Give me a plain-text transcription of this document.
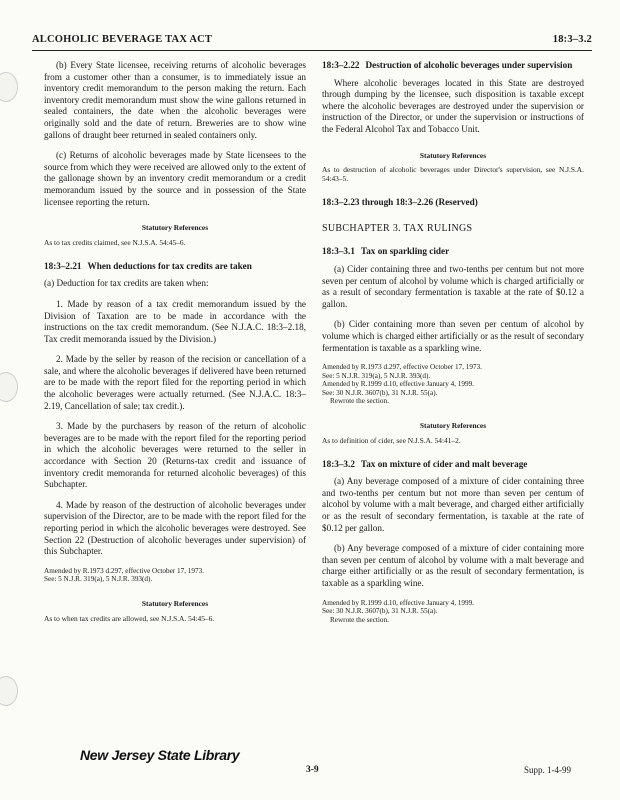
ALCOHOLIC BEVERAGE TAX ACT	18:3–3.2

(b) Every State licensee, receiving returns of alcoholic beverages from a customer other than a consumer, is to immediately issue an inventory credit memorandum to the person making the return. Each inventory credit memorandum must show the wine gallons returned in sealed containers, the date when the alcoholic beverages were originally sold and the date of return. Breweries are to show wine gallons of draught beer returned in sealed containers only.

(c) Returns of alcoholic beverages made by State licensees to the source from which they were received are allowed only to the extent of the gallonage shown by an inventory credit memorandum or a credit memorandum issued by the source and in possession of the State licensee reporting the return.

Statutory References

As to tax credits claimed, see N.J.S.A. 54:45–6.

18:3–2.21 When deductions for tax credits are taken

(a) Deduction for tax credits are taken when:

1. Made by reason of a tax credit memorandum issued by the Division of Taxation are to be made in accordance with the instructions on the tax credit memorandum. (See N.J.A.C. 18:3–2.18, Tax credit memoranda issued by the Division.)

2. Made by the seller by reason of the recision or cancellation of a sale, and where the alcoholic beverages if delivered have been returned are to be made with the report filed for the reporting period in which the alcoholic beverages were actually returned. (See N.J.A.C. 18:3–2.19, Cancellation of sale; tax credit.).

3. Made by the purchasers by reason of the return of alcoholic beverages are to be made with the report filed for the reporting period in which the alcoholic beverages were returned to the seller in accordance with Section 20 (Returns-tax credit and issuance of inventory credit memoranda for returned alcoholic beverages) of this Subchapter.

4. Made by reason of the destruction of alcoholic beverages under supervision of the Director, are to be made with the report filed for the reporting period in which the alcoholic beverages were destroyed. See Section 22 (Destruction of alcoholic beverages under supervision) of this Subchapter.

Amended by R.1973 d.297, effective October 17, 1973.
See: 5 N.J.R. 319(a), 5 N.J.R. 393(d).
Statutory References

As to when tax credits are allowed, see N.J.S.A. 54:45–6.

18:3–2.22 Destruction of alcoholic beverages under supervision

Where alcoholic beverages located in this State are destroyed through dumping by the licensee, such disposition is taxable except where the alcoholic beverages are destroyed under the supervision or instruction of the Director, or under the supervision or instructions of the Federal Alcohol Tax and Tobacco Unit.

Statutory References

As to destruction of alcoholic beverages under Director's supervision, see N.J.S.A. 54:43–5.

18:3–2.23 through 18:3–2.26 (Reserved)
SUBCHAPTER 3. TAX RULINGS
18:3–3.1 Tax on sparkling cider

(a) Cider containing three and two-tenths per centum but not more seven per centum of alcohol by volume which is charged artificially or as a result of secondary fermentation is taxable at the rate of $0.12 a gallon.

(b) Cider containing more than seven per centum of alcohol by volume which is charged either artificially or as the result of secondary fermentation is taxable as a sparkling wine.

Amended by R.1973 d.297, effective October 17, 1973.
See: 5 N.J.R. 319(a), 5 N.J.R. 393(d).
Amended by R.1999 d.10, effective January 4, 1999.
See: 30 N.J.R. 3607(b), 31 N.J.R. 55(a).
Rewrote the section.
Statutory References

As to definition of cider, see N.J.S.A. 54:41–2.

18:3–3.2 Tax on mixture of cider and malt beverage

(a) Any beverage composed of a mixture of cider containing three and two-tenths per centum but not more than seven per centum of alcohol by volume with a malt beverage, and charged either artificially or as the result of secondary fermentation, is taxable at the rate of $0.12 per gallon.

(b) Any beverage composed of a mixture of cider containing more than seven per centum of alcohol by volume with a malt beverage and charge either artificially or as the result of secondary fermentation, is taxable as a sparkling wine.

Amended by R.1999 d.10, effective January 4, 1999.
See: 30 N.J.R. 3607(b), 31 N.J.R. 55(a).
Rewrote the section.
New Jersey State Library
3-9	Supp. 1-4-99
